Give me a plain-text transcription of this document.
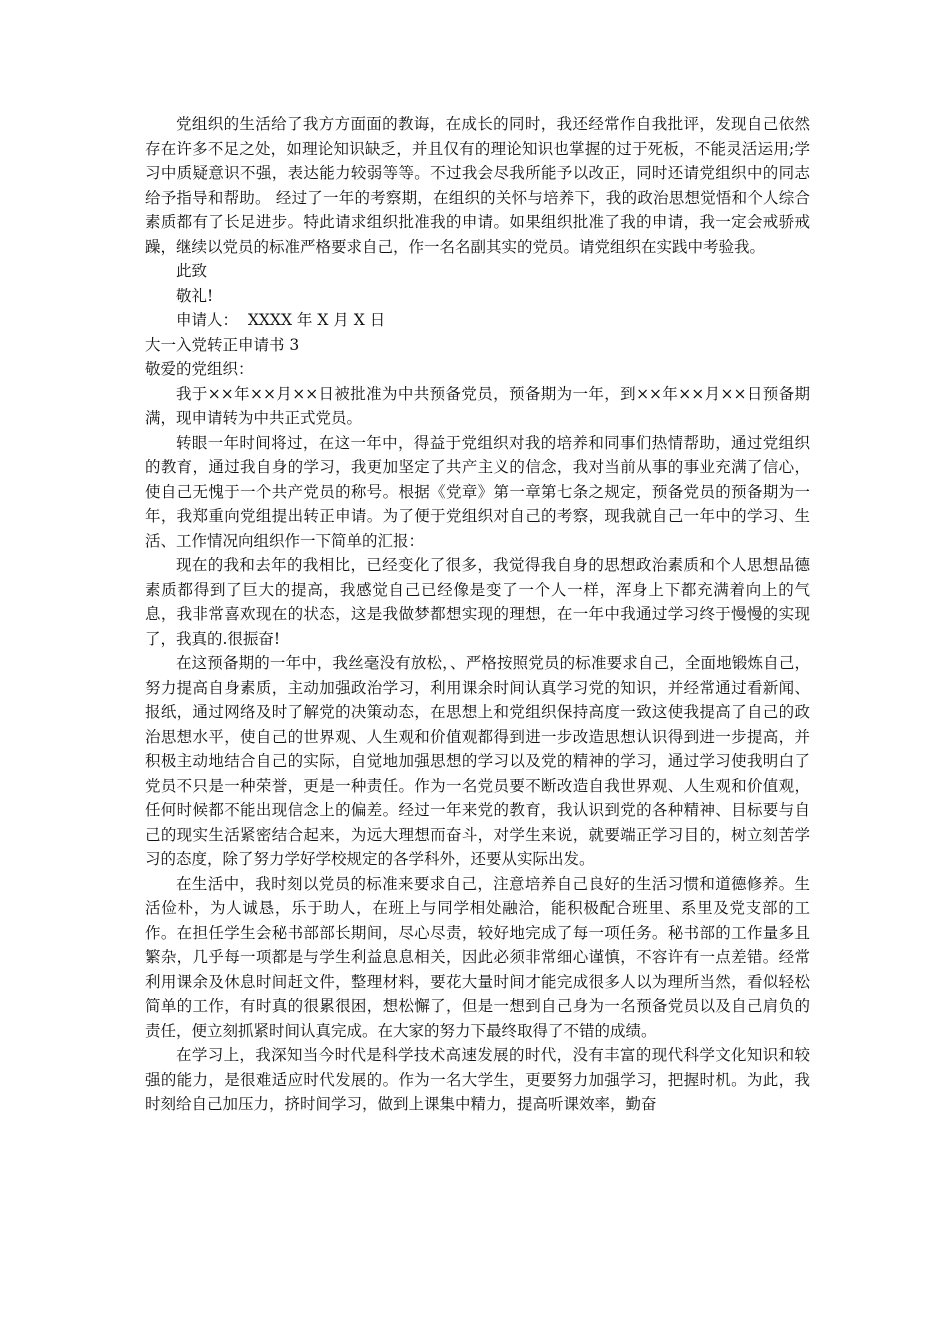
党组织的生活给了我方方面面的教诲，在成长的同时，我还经常作自我批评，发现自己依然存在许多不足之处，如理论知识缺乏，并且仅有的理论知识也掌握的过于死板，不能灵活运用;学习中质疑意识不强，表达能力较弱等等。不过我会尽我所能予以改正，同时还请党组织中的同志给予指导和帮助。 经过了一年的考察期，在组织的关怀与培养下，我的政治思想觉悟和个人综合素质都有了长足进步。特此请求组织批准我的申请。如果组织批准了我的申请，我一定会戒骄戒躁，继续以党员的标准严格要求自己，作一名名副其实的党员。请党组织在实践中考验我。

此致

敬礼!

申请人：  XXXX 年 X 月 X 日

大一入党转正申请书 3

敬爱的党组织：

我于××年××月××日被批准为中共预备党员，预备期为一年，到××年××月××日预备期满，现申请转为中共正式党员。

转眼一年时间将过，在这一年中，得益于党组织对我的培养和同事们热情帮助，通过党组织的教育，通过我自身的学习，我更加坚定了共产主义的信念，我对当前从事的事业充满了信心，使自己无愧于一个共产党员的称号。根据《党章》第一章第七条之规定，预备党员的预备期为一年，我郑重向党组提出转正申请。为了便于党组织对自己的考察，现我就自己一年中的学习、生活、工作情况向组织作一下简单的汇报：

现在的我和去年的我相比，已经变化了很多，我觉得我自身的思想政治素质和个人思想品德素质都得到了巨大的提高，我感觉自己已经像是变了一个人一样，浑身上下都充满着向上的气息，我非常喜欢现在的状态，这是我做梦都想实现的理想，在一年中我通过学习终于慢慢的实现了，我真的.很振奋!

在这预备期的一年中，我丝毫没有放松，、严格按照党员的标准要求自己，全面地锻炼自己，努力提高自身素质，主动加强政治学习，利用课余时间认真学习党的知识，并经常通过看新闻、报纸，通过网络及时了解党的决策动态，在思想上和党组织保持高度一致这使我提高了自己的政治思想水平，使自己的世界观、人生观和价值观都得到进一步改造思想认识得到进一步提高，并积极主动地结合自己的实际，自觉地加强思想的学习以及党的精神的学习，通过学习使我明白了党员不只是一种荣誉，更是一种责任。作为一名党员要不断改造自我世界观、人生观和价值观，任何时候都不能出现信念上的偏差。经过一年来党的教育，我认识到党的各种精神、目标要与自己的现实生活紧密结合起来，为远大理想而奋斗，对学生来说，就要端正学习目的，树立刻苦学习的态度，除了努力学好学校规定的各学科外，还要从实际出发。

在生活中，我时刻以党员的标准来要求自己，注意培养自己良好的生活习惯和道德修养。生活俭朴，为人诚恳，乐于助人，在班上与同学相处融洽，能积极配合班里、系里及党支部的工作。在担任学生会秘书部部长期间，尽心尽责，较好地完成了每一项任务。秘书部的工作量多且繁杂，几乎每一项都是与学生利益息息相关，因此必须非常细心谨慎，不容许有一点差错。经常利用课余及休息时间赶文件，整理材料，要花大量时间才能完成很多人以为理所当然，看似轻松简单的工作，有时真的很累很困，想松懈了，但是一想到自己身为一名预备党员以及自己肩负的责任，便立刻抓紧时间认真完成。在大家的努力下最终取得了不错的成绩。

在学习上，我深知当今时代是科学技术高速发展的时代，没有丰富的现代科学文化知识和较强的能力，是很难适应时代发展的。作为一名大学生，更要努力加强学习，把握时机。为此，我时刻给自己加压力，挤时间学习，做到上课集中精力，提高听课效率，勤奋
